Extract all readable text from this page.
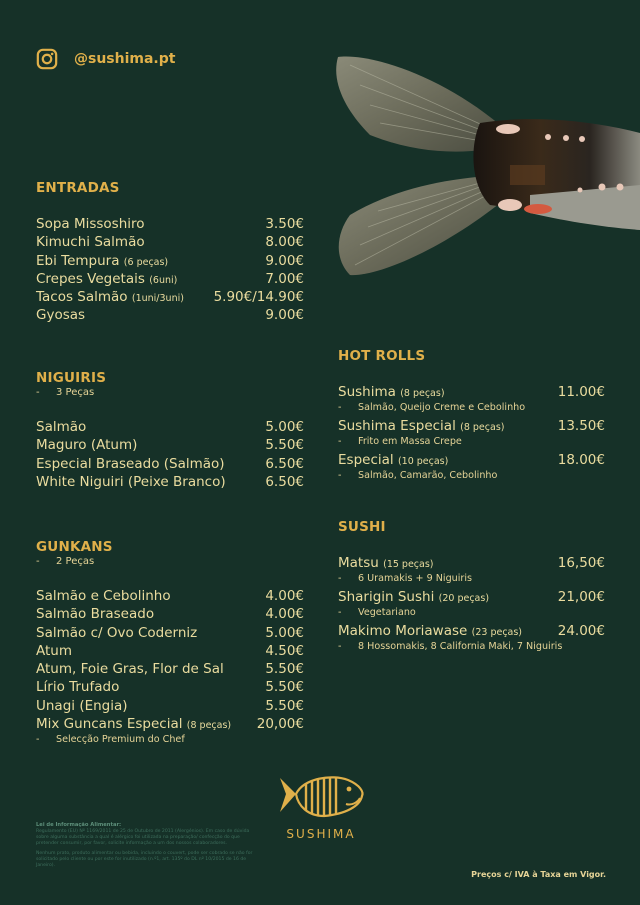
@sushima.pt
ENTRADAS
Sopa Missoshiro	3.50€
Kimuchi Salmão	8.00€
Ebi Tempura (6 peças)	9.00€
Crepes Vegetais (6uni)	7.00€
Tacos Salmão (1uni/3uni) 5.90€/14.90€
Gyosas	9.00€
NIGUIRIS
- 3 Peças
Salmão	5.00€
Maguro (Atum)	5.50€
Especial Braseado (Salmão)	6.50€
White Niguiri (Peixe Branco)	6.50€
GUNKANS
- 2 Peças
Salmão e Cebolinho	4.00€
Salmão Braseado	4.00€
Salmão c/ Ovo Coderniz	5.00€
Atum	4.50€
Atum, Foie Gras, Flor de Sal	5.50€
Lírio Trufado	5.50€
Unagi (Engia)	5.50€
Mix Guncans Especial (8 peças) 20,00€
- Selecção Premium do Chef
HOT ROLLS
Sushima (8 peças)	11.00€
- Salmão, Queijo Creme e Cebolinho
Sushima Especial (8 peças)	13.50€
- Frito em Massa Crepe
Especial (10 peças)	18.00€
- Salmão, Camarão, Cebolinho
SUSHI
Matsu (15 peças)	16,50€
- 6 Uramakis + 9 Niguiris
Sharigin Sushi (20 peças)	21,00€
- Vegetariano
Makimo Moriawase (23 peças)	24.00€
- 8 Hossomakis, 8 California Maki, 7 Niguiris
SUSHIMA
Lei de Informação Alimentar:
Regulamento (EU) Nº 1169/2011 de 25 de Outubro de 2011 (Alergénios). Em caso de dúvida sobre alguma substância a qual é alérgico foi utilizada na preparação/ confecção do que pretender consumir, por favor, solicite informação a um dos nossos colaboradores.
Nenhum prato, produto alimentar ou bebida, incluindo o couvert, pode ser cobrado se não for solicitado pelo cliente ou por este for inutilizado (n.º1, art. 135º do DL nº 10/2015 de 16 de Janeiro).
Preços c/ IVA à Taxa em Vigor.
